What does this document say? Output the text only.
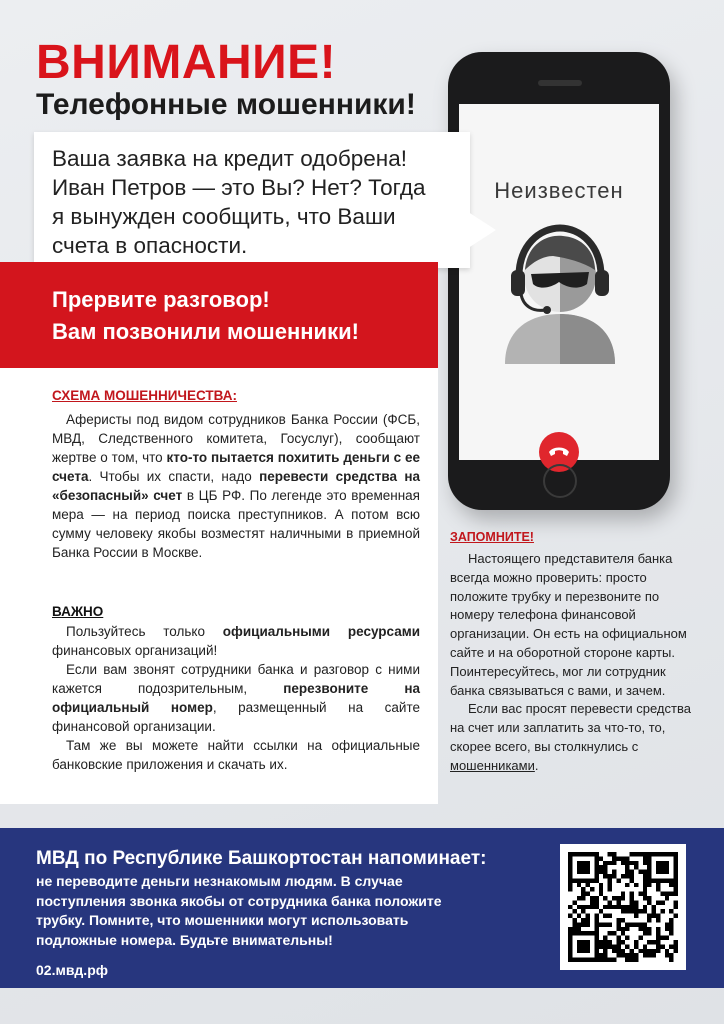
ВНИМАНИЕ!
Телефонные мошенники!
Неизвестен

Ваша заявка на кредит одобрена!
Иван Петров — это Вы? Нет? Тогда
я вынужден сообщить, что Ваши
счета в опасности.

Прервите разговор!
Вам позвонили мошенники!

СХЕМА МОШЕННИЧЕСТВА:

Аферисты под видом сотрудников Банка России (ФСБ, МВД, Следственного комитета, Госуслуг), сообщают жертве о том, что кто-то пытается похитить деньги с ее счета. Чтобы их спасти, надо перевести средства на «безопасный» счет в ЦБ РФ. По легенде это временная мера — на период поиска преступников. А потом всю сумму человеку якобы возместят наличными в приемной Банка России в Москве.

ВАЖНО

Пользуйтесь только официальными ресурсами финансовых организаций!

Если вам звонят сотрудники банка и разговор с ними кажется подозрительным, перезвоните на официальный номер, размещенный на сайте финансовой организации.

Там же вы можете найти ссылки на официальные банковские приложения и скачать их.

ЗАПОМНИТЕ!

Настоящего представителя банка всегда можно проверить: просто положите трубку и перезвоните по номеру телефона финансовой организации. Он есть на официальном сайте и на оборотной стороне карты. Поинтересуйтесь, мог ли сотрудник банка связываться с вами, и зачем.

Если вас просят перевести средства на счет или заплатить за что-то, то, скорее всего, вы столкнулись с мошенниками.

МВД по Республике Башкортостан напоминает:

не переводите деньги незнакомым людям. В случае поступления звонка якобы от сотрудника банка положите трубку. Помните, что мошенники могут использовать подложные номера. Будьте внимательны!

02.мвд.рф
